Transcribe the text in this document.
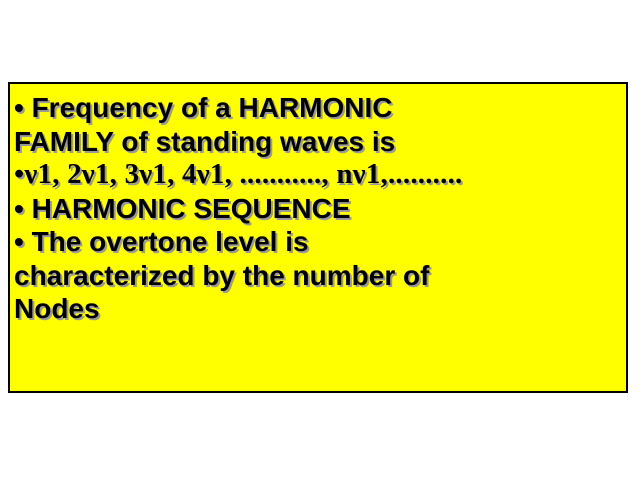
• Frequency of a HARMONIC
FAMILY of standing waves is
•ν1, 2ν1, 3ν1, 4ν1, ..........., nν1,..........
• HARMONIC SEQUENCE
• The overtone level is
characterized by the number of
Nodes
